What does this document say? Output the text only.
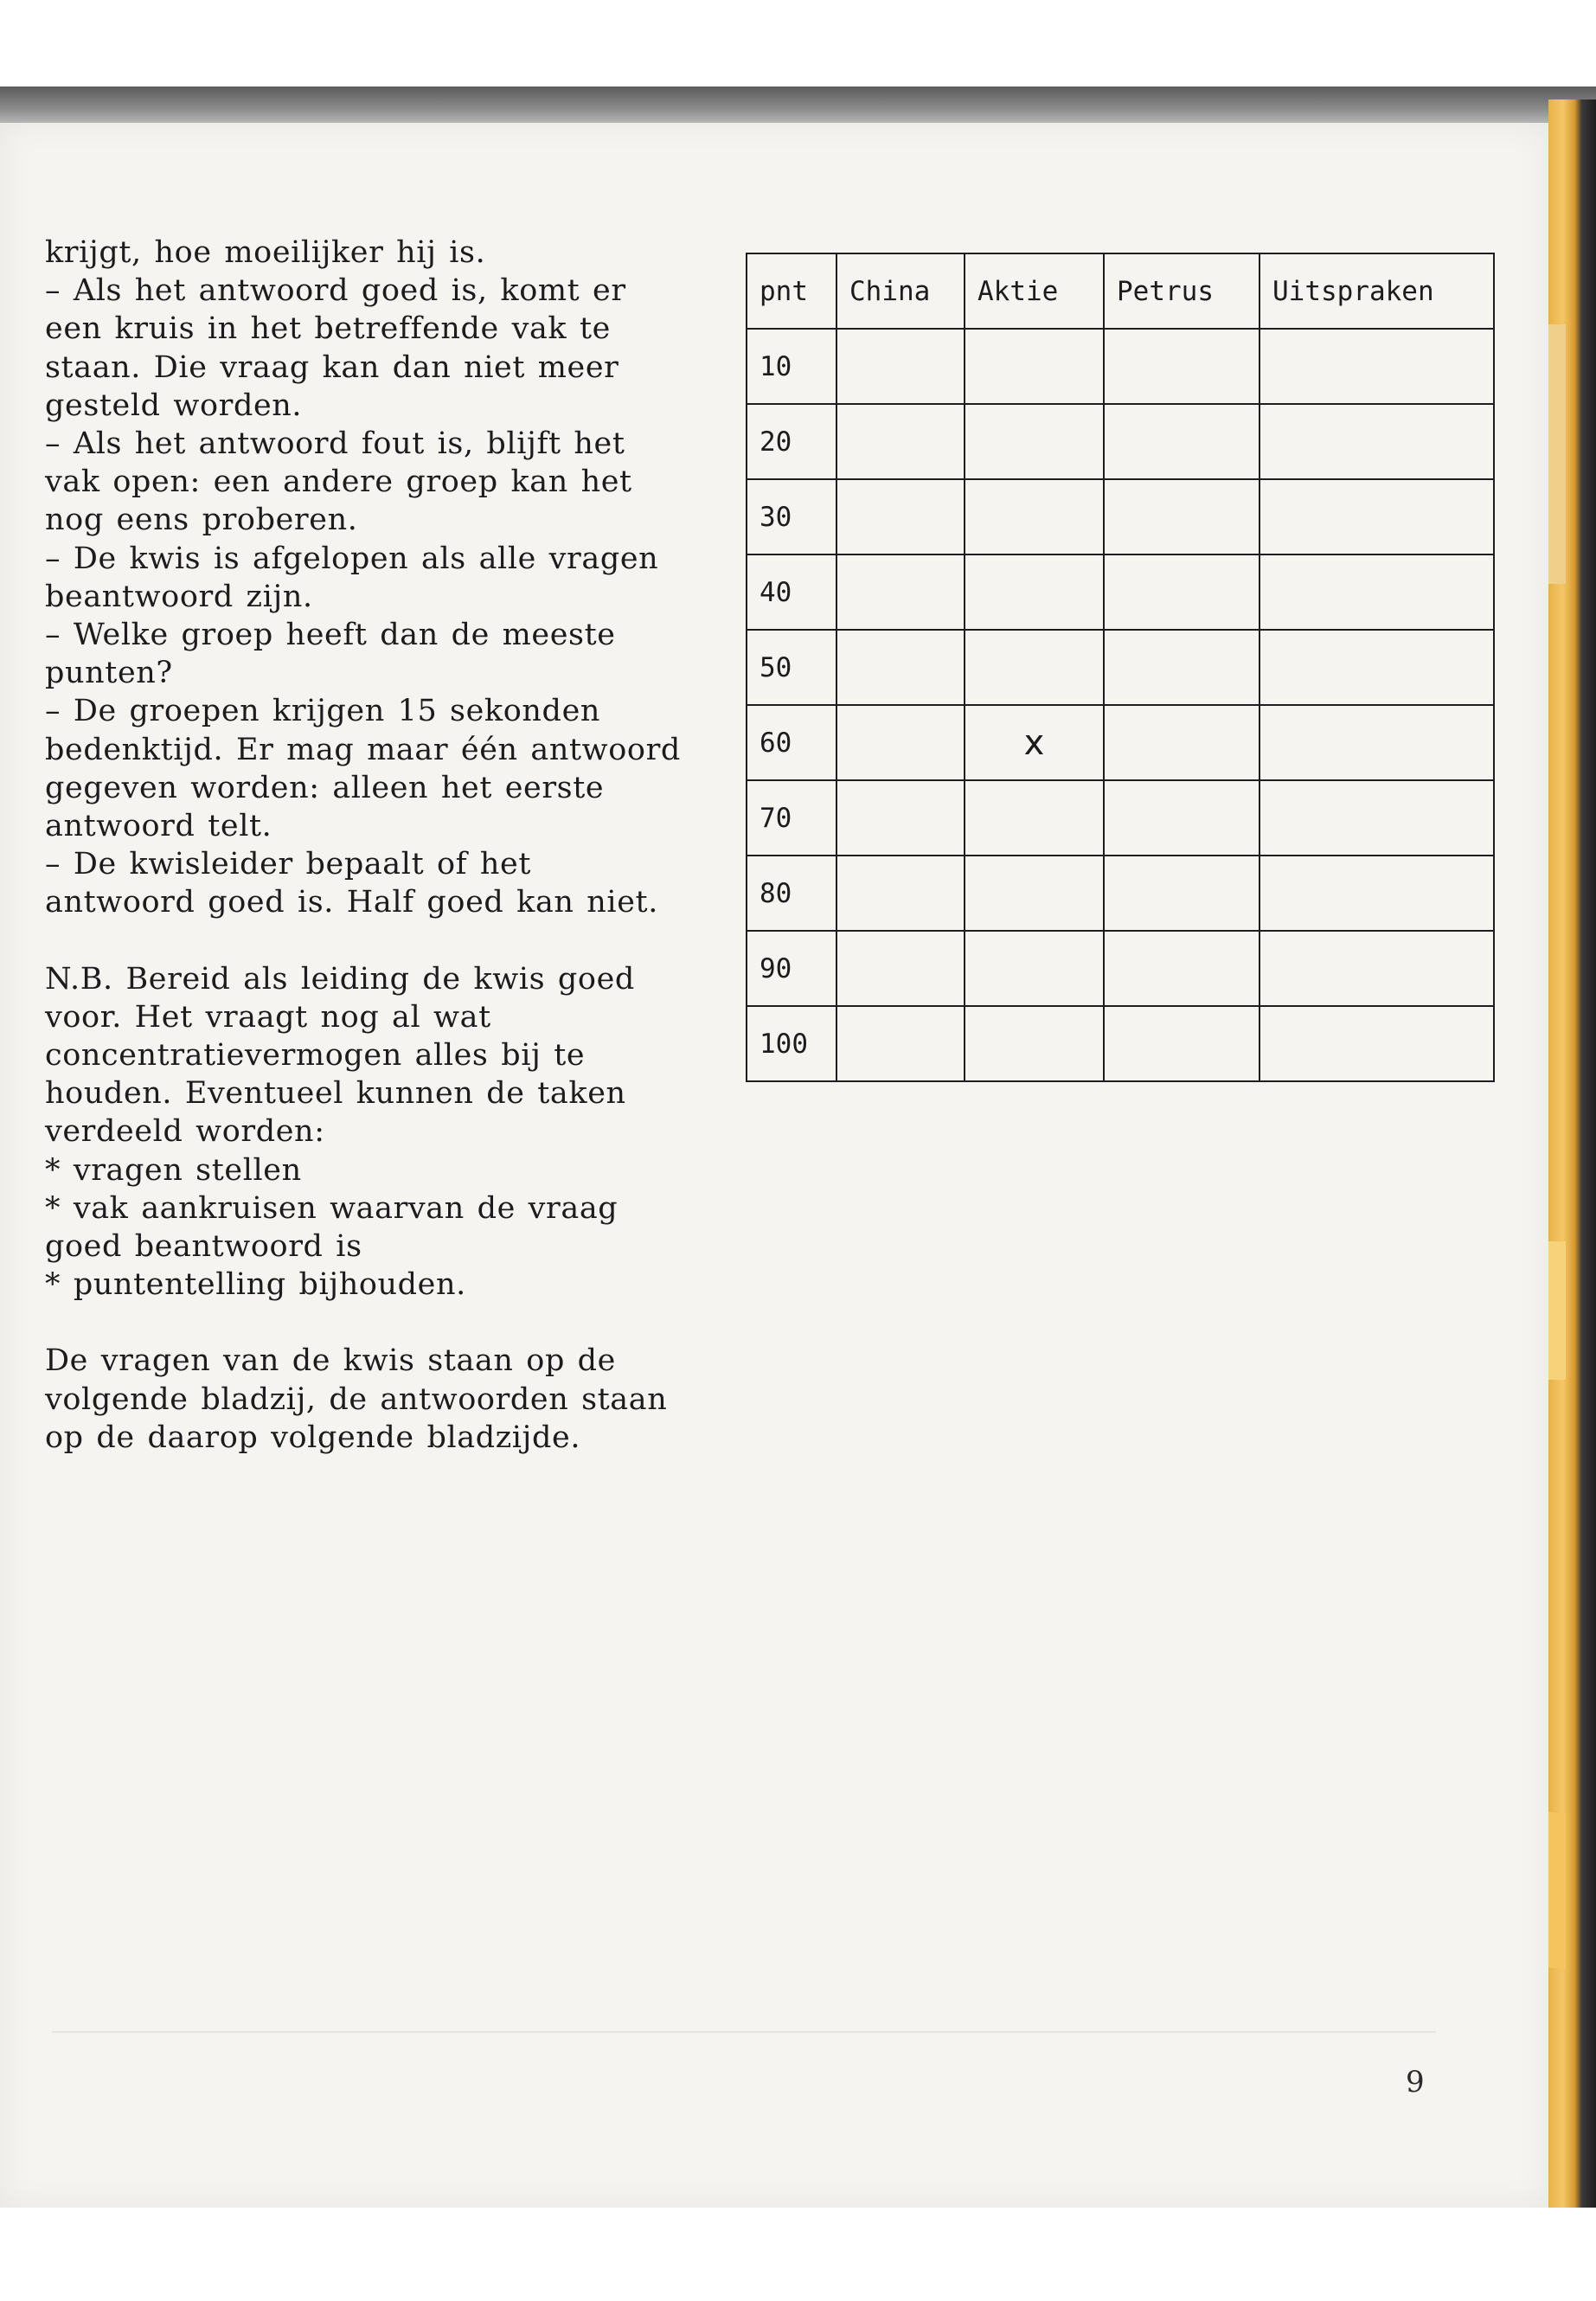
krijgt, hoe moeilijker hij is.
– Als het antwoord goed is, komt er een kruis in het betreffende vak te staan. Die vraag kan dan niet meer gesteld worden.
– Als het antwoord fout is, blijft het vak open: een andere groep kan het nog eens proberen.
– De kwis is afgelopen als alle vragen beantwoord zijn.
– Welke groep heeft dan de meeste punten?
– De groepen krijgen 15 sekonden bedenktijd. Er mag maar één antwoord gegeven worden: alleen het eerste antwoord telt.
– De kwisleider bepaalt of het antwoord goed is. Half goed kan niet.

N.B. Bereid als leiding de kwis goed voor. Het vraagt nog al wat concentratievermogen alles bij te houden. Eventueel kunnen de taken verdeeld worden:
* vragen stellen
* vak aankruisen waarvan de vraag goed beantwoord is
* puntentelling bijhouden.

De vragen van de kwis staan op de volgende bladzij, de antwoorden staan op de daarop volgende bladzijde.

pnt	China	Aktie	Petrus	Uitspraken
10				
20				
30				
40				
50				
60		x		

70				
80				
90				
100				
9
